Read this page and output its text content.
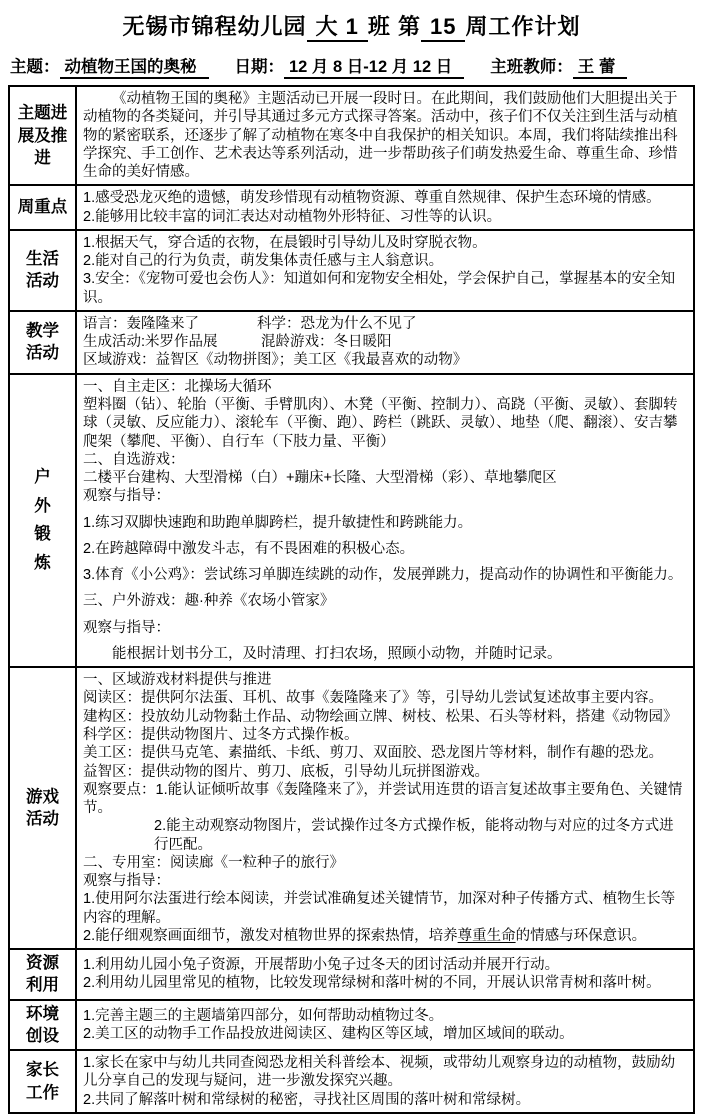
无锡市锦程幼儿园 大 1 班 第 15 周工作计划
主题： 动植物王国的奥秘	日期： 12 月 8 日-12 月 12 日	主班教师： 王 蕾
主题进展及推进	《动植物王国的奥秘》主题活动已开展一段时日。在此期间，我们鼓励他们大胆提出关于动植物的各类疑问，并引导其通过多元方式探寻答案。活动中，孩子们不仅关注到生活与动植物的紧密联系，还逐步了解了动植物在寒冬中自我保护的相关知识。本周，我们将陆续推出科学探究、手工创作、艺术表达等系列活动，进一步帮助孩子们萌发热爱生命、尊重生命、珍惜生命的美好情感。

周重点	1.感受恐龙灭绝的遗憾，萌发珍惜现有动植物资源、尊重自然规律、保护生态环境的情感。
2.能够用比较丰富的词汇表达对动植物外形特征、习性等的认识。

生活活动	1.根据天气，穿合适的衣物，在晨锻时引导幼儿及时穿脱衣物。
2.能对自己的行为负责，萌发集体责任感与主人翁意识。
3.安全：《宠物可爱也会伤人》：知道如何和宠物安全相处，学会保护自己，掌握基本的安全知识。

教学活动	语言：轰隆隆来了　　　　科学：恐龙为什么不见了
生成活动:米罗作品展　　　混龄游戏：冬日暖阳
区域游戏：益智区《动物拼图》；美工区《我最喜欢的动物》

户外锻炼	
一、自主走区：北操场大循环
塑料圈（钻）、轮胎（平衡、手臂肌肉）、木凳（平衡、控制力）、高跷（平衡、灵敏）、套脚转球（灵敏、反应能力）、滚轮车（平衡、跑）、跨栏（跳跃、灵敏）、地垫（爬、翻滚）、安吉攀爬架（攀爬、平衡）、自行车（下肢力量、平衡）
二、自选游戏：
二楼平台建构、大型滑梯（白）+蹦床+长隆、大型滑梯（彩）、草地攀爬区
观察与指导：
1.练习双脚快速跑和助跑单脚跨栏，提升敏捷性和跨跳能力。
2.在跨越障碍中激发斗志，有不畏困难的积极心态。
3.体育《小公鸡》：尝试练习单脚连续跳的动作，发展弹跳力，提高动作的协调性和平衡能力。
三、户外游戏：趣·种养《农场小管家》
观察与指导：
能根据计划书分工，及时清理、打扫农场，照顾小动物，并随时记录。

游戏活动	
一、区域游戏材料提供与推进
阅读区：提供阿尔法蛋、耳机、故事《轰隆隆来了》等，引导幼儿尝试复述故事主要内容。
建构区：投放幼儿动物黏土作品、动物绘画立牌、树枝、松果、石头等材料，搭建《动物园》
科学区：提供动物图片、过冬方式操作板。
美工区：提供马克笔、素描纸、卡纸、剪刀、双面胶、恐龙图片等材料，制作有趣的恐龙。
益智区：提供动物的图片、剪刀、底板，引导幼儿玩拼图游戏。
观察要点：1.能认证倾听故事《轰隆隆来了》，并尝试用连贯的语言复述故事主要角色、关键情节。
2.能主动观察动物图片，尝试操作过冬方式操作板，能将动物与对应的过冬方式进行匹配。
二、专用室：阅读廊《一粒种子的旅行》
观察与指导：
1.使用阿尔法蛋进行绘本阅读，并尝试准确复述关键情节，加深对种子传播方式、植物生长等内容的理解。
2.能仔细观察画面细节，激发对植物世界的探索热情，培养尊重生命的情感与环保意识。

资源利用	1.利用幼儿园小兔子资源，开展帮助小兔子过冬天的团讨活动并展开行动。
2.利用幼儿园里常见的植物，比较发现常绿树和落叶树的不同，开展认识常青树和落叶树。

环境创设	1.完善主题三的主题墙第四部分，如何帮助动植物过冬。
2.美工区的动物手工作品投放进阅读区、建构区等区域，增加区域间的联动。

家长工作	1.家长在家中与幼儿共同查阅恐龙相关科普绘本、视频，或带幼儿观察身边的动植物，鼓励幼儿分享自己的发现与疑问，进一步激发探究兴趣。
2.共同了解落叶树和常绿树的秘密，寻找社区周围的落叶树和常绿树。
